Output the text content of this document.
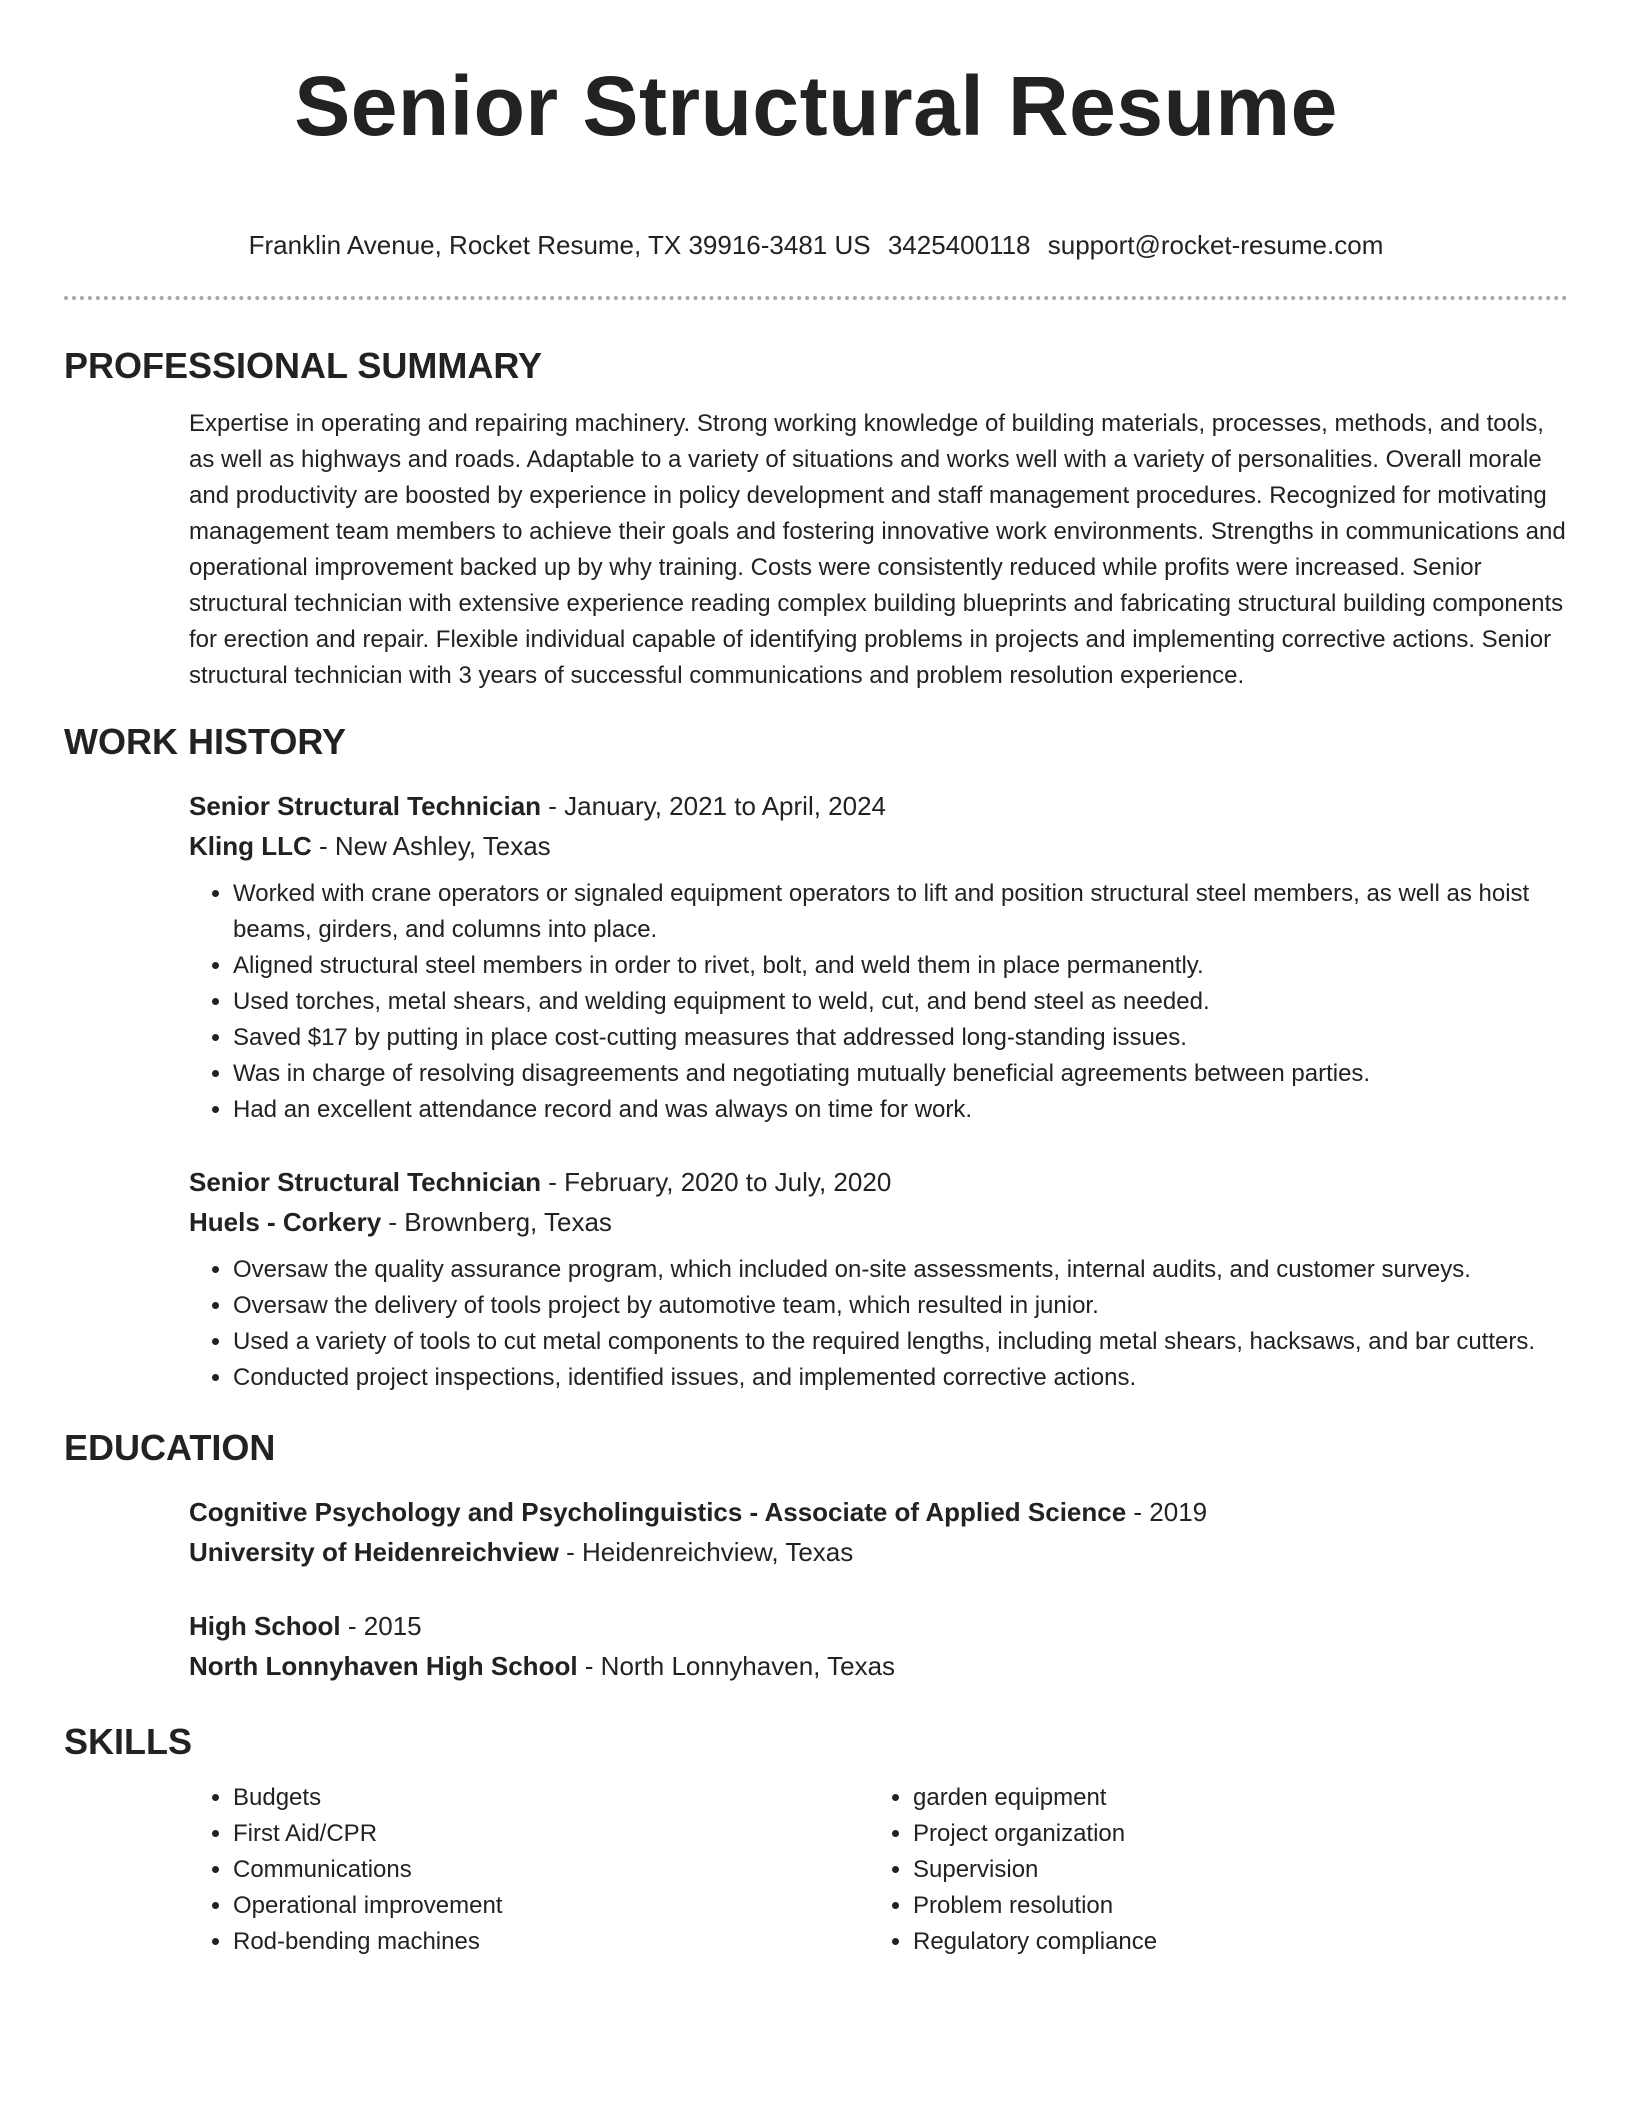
Senior Structural Resume
Franklin Avenue, Rocket Resume, TX 39916-3481 US 3425400118 support@rocket-resume.com
PROFESSIONAL SUMMARY

Expertise in operating and repairing machinery. Strong working knowledge of building materials, processes, methods, and tools, as well as highways and roads. Adaptable to a variety of situations and works well with a variety of personalities. Overall morale and productivity are boosted by experience in policy development and staff management procedures. Recognized for motivating management team members to achieve their goals and fostering innovative work environments. Strengths in communications and operational improvement backed up by why training. Costs were consistently reduced while profits were increased. Senior structural technician with extensive experience reading complex building blueprints and fabricating structural building components for erection and repair. Flexible individual capable of identifying problems in projects and implementing corrective actions. Senior structural technician with 3 years of successful communications and problem resolution experience.

WORK HISTORY
Senior Structural Technician - January, 2021 to April, 2024
Kling LLC - New Ashley, Texas
• Worked with crane operators or signaled equipment operators to lift and position structural steel members, as well as hoist beams, girders, and columns into place.
• Aligned structural steel members in order to rivet, bolt, and weld them in place permanently.
• Used torches, metal shears, and welding equipment to weld, cut, and bend steel as needed.
• Saved $17 by putting in place cost-cutting measures that addressed long-standing issues.
• Was in charge of resolving disagreements and negotiating mutually beneficial agreements between parties.
• Had an excellent attendance record and was always on time for work.
Senior Structural Technician - February, 2020 to July, 2020
Huels - Corkery - Brownberg, Texas
• Oversaw the quality assurance program, which included on-site assessments, internal audits, and customer surveys.
• Oversaw the delivery of tools project by automotive team, which resulted in junior.
• Used a variety of tools to cut metal components to the required lengths, including metal shears, hacksaws, and bar cutters.
• Conducted project inspections, identified issues, and implemented corrective actions.
EDUCATION
Cognitive Psychology and Psycholinguistics - Associate of Applied Science - 2019
University of Heidenreichview - Heidenreichview, Texas
High School - 2015
North Lonnyhaven High School - North Lonnyhaven, Texas
SKILLS
• Budgets
• First Aid/CPR
• Communications
• Operational improvement
• Rod-bending machines
• garden equipment
• Project organization
• Supervision
• Problem resolution
• Regulatory compliance
